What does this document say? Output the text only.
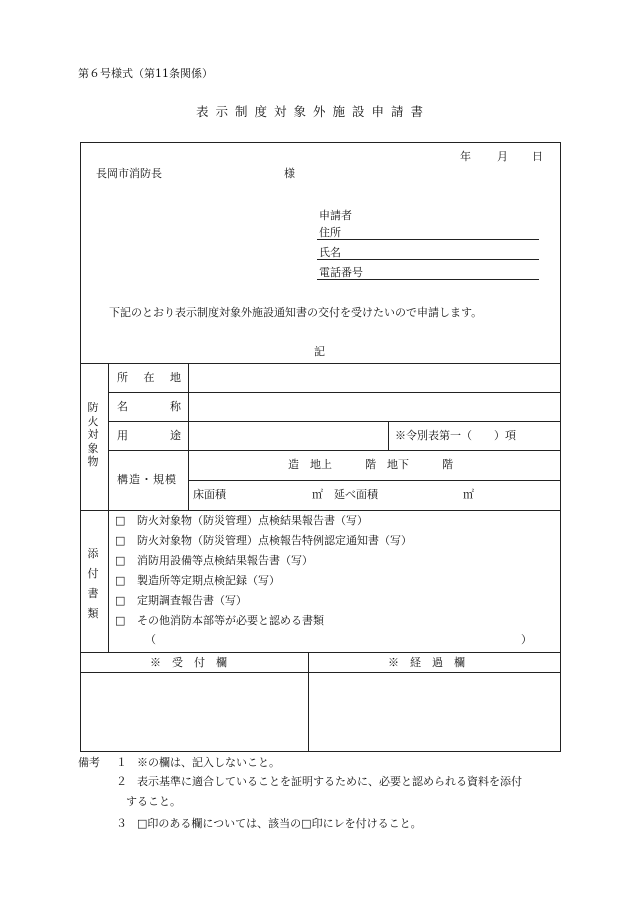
第６号様式（第11条関係）
表示制度対象外施設申請書
年 月 日
長岡市消防長	様
申請者
住所
氏名
電話番号
下記のとおり表示制度対象外施設通知書の交付を受けたいので申請します。
記
防火対象物
所 在 地
名	称
用	途	※令別表第一（　　）項
構造・規模
造　地上　　　階　地下　　　階
床面積	㎡ 延べ面積	㎡
添付書類
□ 防火対象物（防災管理）点検結果報告書（写）
□ 防火対象物（防災管理）点検報告特例認定通知書（写）
□ 消防用設備等点検結果報告書（写）
□ 製造所等定期点検記録（写）
□ 定期調査報告書（写）
□ その他消防本部等が必要と認める書類
（	）
※　受　付　欄	※　経　過　欄
備考 １ ※の欄は、記入しないこと。
２ 表示基準に適合していることを証明するために、必要と認められる資料を添付
すること。
３ □印のある欄については、該当の□印にレを付けること。
